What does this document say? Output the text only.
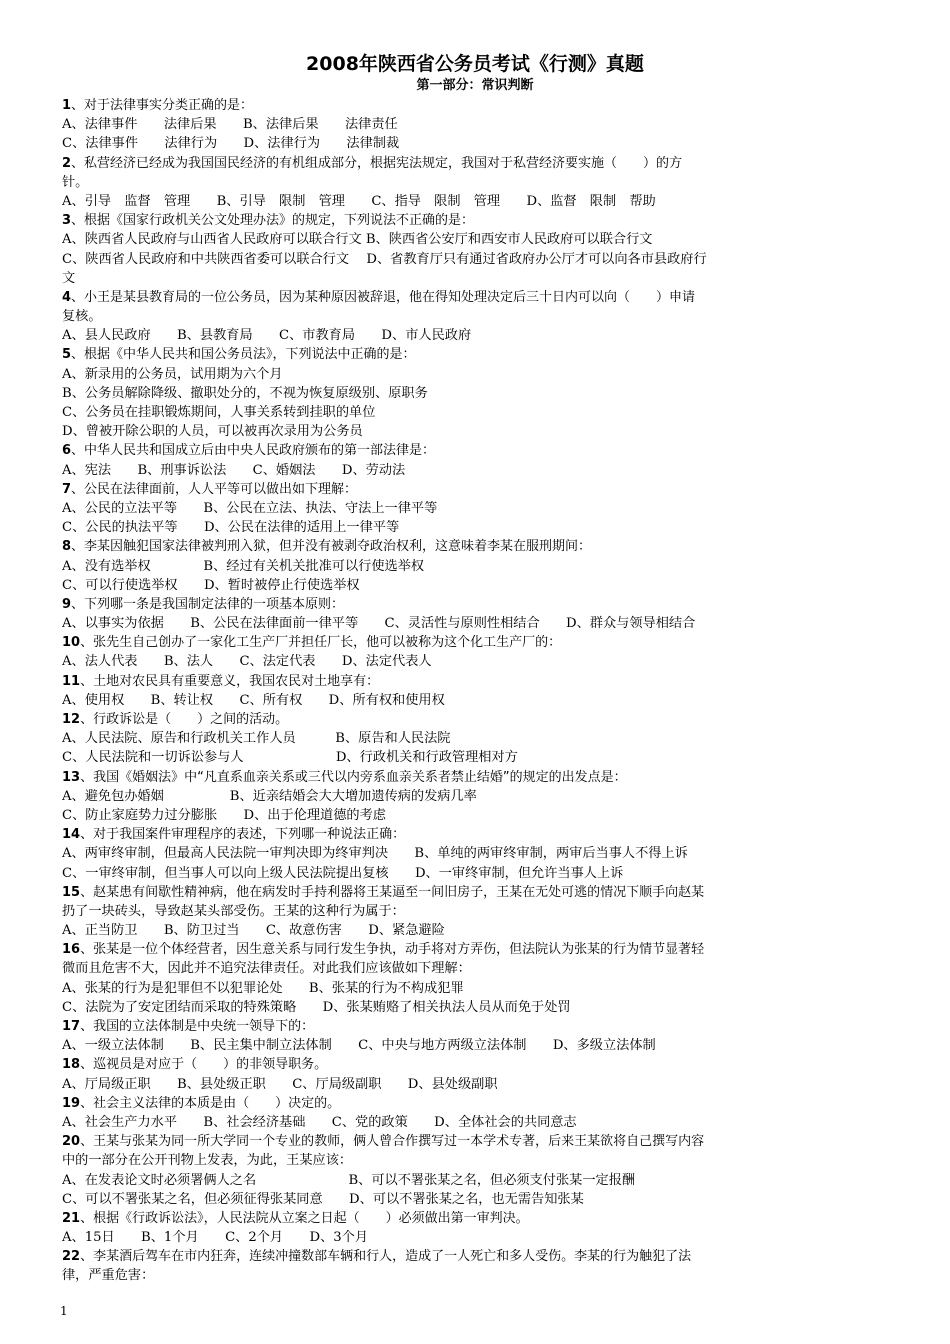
2008年陕西省公务员考试《行测》真题
第一部分：常识判断
1、对于法律事实分类正确的是：
A、法律事件　　法律后果　　B、法律后果　　法律责任
C、法律事件　　法律行为　　D、法律行为　　法律制裁
2、私营经济已经成为我国国民经济的有机组成部分，根据宪法规定，我国对于私营经济要实施（　　）的方
针。
A、引导　监督　管理　　B、引导　限制　管理　　C、指导　限制　管理　　D、监督　限制　帮助
3、根据《国家行政机关公文处理办法》的规定，下列说法不正确的是：
A、陕西省人民政府与山西省人民政府可以联合行文 B、陕西省公安厅和西安市人民政府可以联合行文
C、陕西省人民政府和中共陕西省委可以联合行文　 D、省教育厅只有通过省政府办公厅才可以向各市县政府行
文
4、小王是某县教育局的一位公务员，因为某种原因被辞退，他在得知处理决定后三十日内可以向（　　）申请
复核。
A、县人民政府　　B、县教育局　　C、市教育局　　D、市人民政府
5、根据《中华人民共和国公务员法》，下列说法中正确的是：
A、新录用的公务员，试用期为六个月
B、公务员解除降级、撤职处分的，不视为恢复原级别、原职务
C、公务员在挂职锻炼期间，人事关系转到挂职的单位
D、曾被开除公职的人员，可以被再次录用为公务员
6、中华人民共和国成立后由中央人民政府颁布的第一部法律是：
A、宪法　　B、刑事诉讼法　　C、婚姻法　　D、劳动法
7、公民在法律面前，人人平等可以做出如下理解：
A、公民的立法平等　　B、公民在立法、执法、守法上一律平等
C、公民的执法平等　　D、公民在法律的适用上一律平等
8、李某因触犯国家法律被判刑入狱，但并没有被剥夺政治权利，这意味着李某在服刑期间：
A、没有选举权　　　　B、经过有关机关批准可以行使选举权
C、可以行使选举权　　D、暂时被停止行使选举权
9、下列哪一条是我国制定法律的一项基本原则：
A、以事实为依据　　B、公民在法律面前一律平等　　C、灵活性与原则性相结合　　D、群众与领导相结合
10、张先生自己创办了一家化工生产厂并担任厂长，他可以被称为这个化工生产厂的：
A、法人代表　　B、法人　　C、法定代表　　D、法定代表人
11、土地对农民具有重要意义，我国农民对土地享有：
A、使用权　　B、转让权　　C、所有权　　D、所有权和使用权
12、行政诉讼是（　　）之间的活动。
A、人民法院、原告和行政机关工作人员　　　B、原告和人民法院
C、人民法院和一切诉讼参与人　　　　　　　D、行政机关和行政管理相对方
13、我国《婚姻法》中“凡直系血亲关系或三代以内旁系血亲关系者禁止结婚”的规定的出发点是：
A、避免包办婚姻　　　　　B、近亲结婚会大大增加遗传病的发病几率
C、防止家庭势力过分膨胀　　D、出于伦理道德的考虑
14、对于我国案件审理程序的表述，下列哪一种说法正确：
A、两审终审制，但最高人民法院一审判决即为终审判决　　B、单纯的两审终审制，两审后当事人不得上诉
C、一审终审制，但当事人可以向上级人民法院提出复核　　D、一审终审制，但允许当事人上诉
15、赵某患有间歇性精神病，他在病发时手持利器将王某逼至一间旧房子，王某在无处可逃的情况下顺手向赵某
扔了一块砖头，导致赵某头部受伤。王某的这种行为属于：
A、正当防卫　　B、防卫过当　　C、故意伤害　　D、紧急避险
16、张某是一位个体经营者，因生意关系与同行发生争执，动手将对方弄伤，但法院认为张某的行为情节显著轻
微而且危害不大，因此并不追究法律责任。对此我们应该做如下理解：
A、张某的行为是犯罪但不以犯罪论处　　B、张某的行为不构成犯罪
C、法院为了安定团结而采取的特殊策略　　D、张某贿赂了相关执法人员从而免于处罚
17、我国的立法体制是中央统一领导下的：
A、一级立法体制　　B、民主集中制立法体制　　C、中央与地方两级立法体制　　D、多级立法体制
18、巡视员是对应于（　　）的非领导职务。
A、厅局级正职　　B、县处级正职　　C、厅局级副职　　D、县处级副职
19、社会主义法律的本质是由（　　）决定的。
A、社会生产力水平　　B、社会经济基础　　C、党的政策　　D、全体社会的共同意志
20、王某与张某为同一所大学同一个专业的教师，俩人曾合作撰写过一本学术专著，后来王某欲将自己撰写内容
中的一部分在公开刊物上发表，为此，王某应该：
A、在发表论文时必须署俩人之名　　　　　　　B、可以不署张某之名，但必须支付张某一定报酬
C、可以不署张某之名，但必须征得张某同意　　D、可以不署张某之名，也无需告知张某
21、根据《行政诉讼法》，人民法院从立案之日起（　　）必须做出第一审判决。
A、15日　　B、1个月　　C、2个月　　D、3个月
22、李某酒后驾车在市内狂奔，连续冲撞数部车辆和行人，造成了一人死亡和多人受伤。李某的行为触犯了法
律，严重危害：
1
